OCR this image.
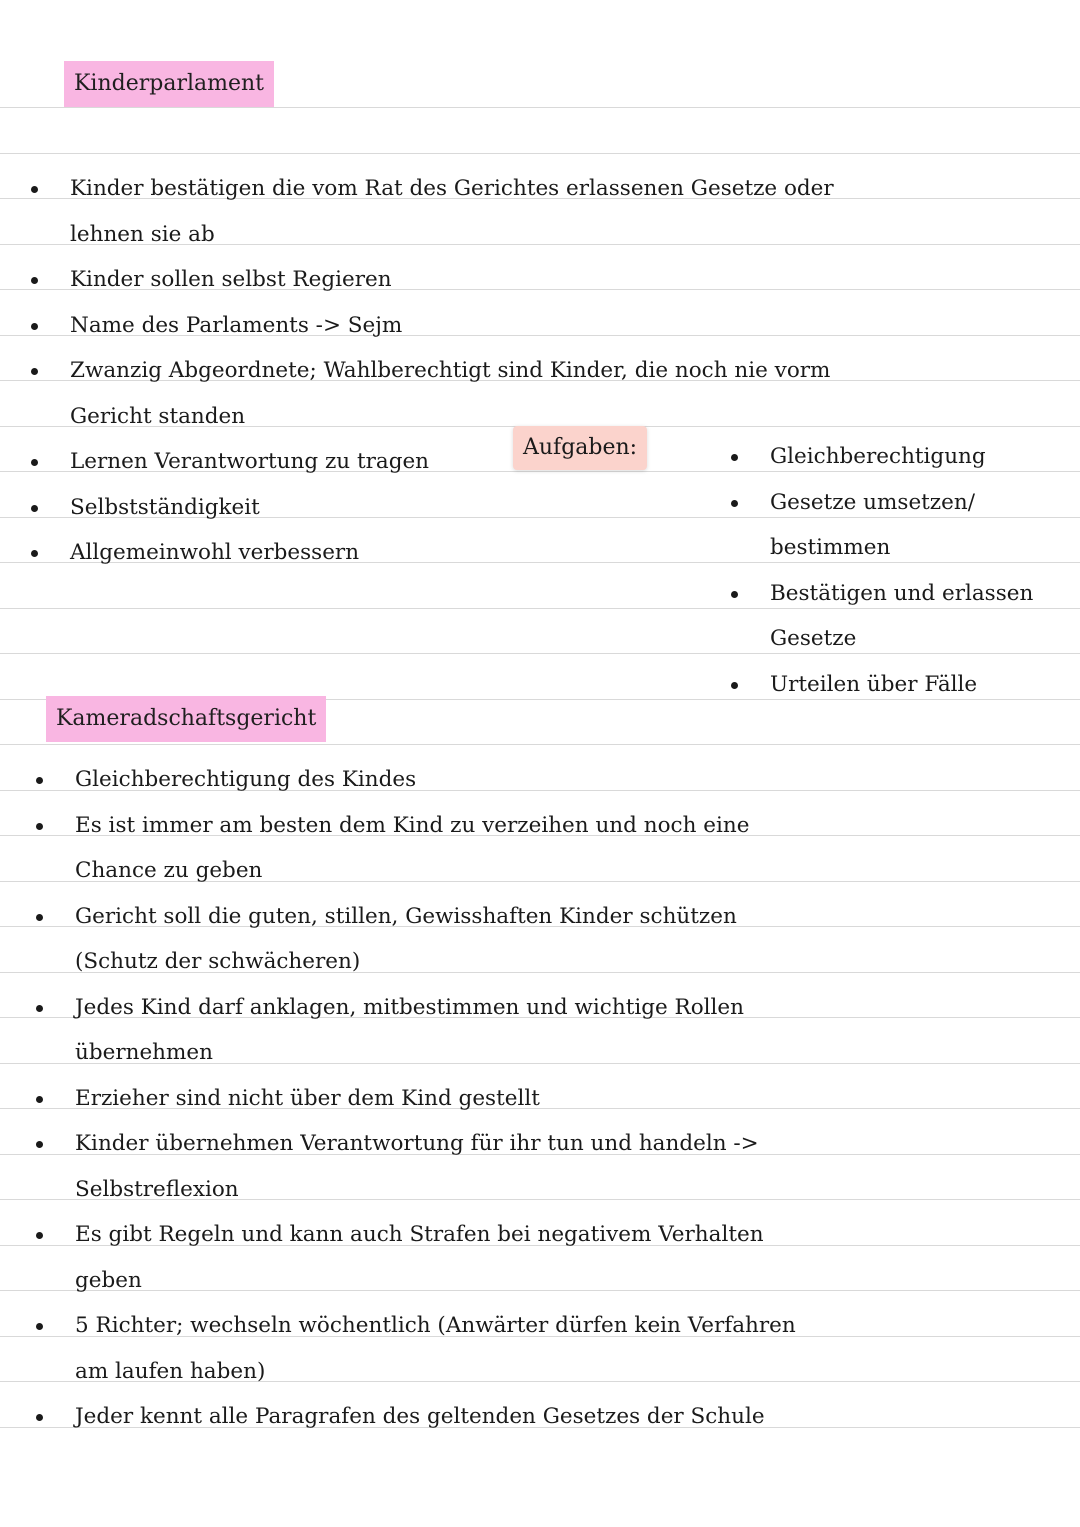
Kinderparlament
Aufgaben:
Kameradschaftsgericht
Kinder bestätigen die vom Rat des Gerichtes erlassenen Gesetze oder
lehnen sie ab
Kinder sollen selbst Regieren
Name des Parlaments -> Sejm
Zwanzig Abgeordnete; Wahlberechtigt sind Kinder, die noch nie vorm
Gericht standen
Lernen Verantwortung zu tragen
Selbstständigkeit
Allgemeinwohl verbessern
Gleichberechtigung
Gesetze umsetzen/
bestimmen
Bestätigen und erlassen
Gesetze
Urteilen über Fälle
Gleichberechtigung des Kindes
Es ist immer am besten dem Kind zu verzeihen und noch eine
Chance zu geben
Gericht soll die guten, stillen, Gewisshaften Kinder schützen
(Schutz der schwächeren)
Jedes Kind darf anklagen, mitbestimmen und wichtige Rollen
übernehmen
Erzieher sind nicht über dem Kind gestellt
Kinder übernehmen Verantwortung für ihr tun und handeln ->
Selbstreflexion
Es gibt Regeln und kann auch Strafen bei negativem Verhalten
geben
5 Richter; wechseln wöchentlich (Anwärter dürfen kein Verfahren
am laufen haben)
Jeder kennt alle Paragrafen des geltenden Gesetzes der Schule
